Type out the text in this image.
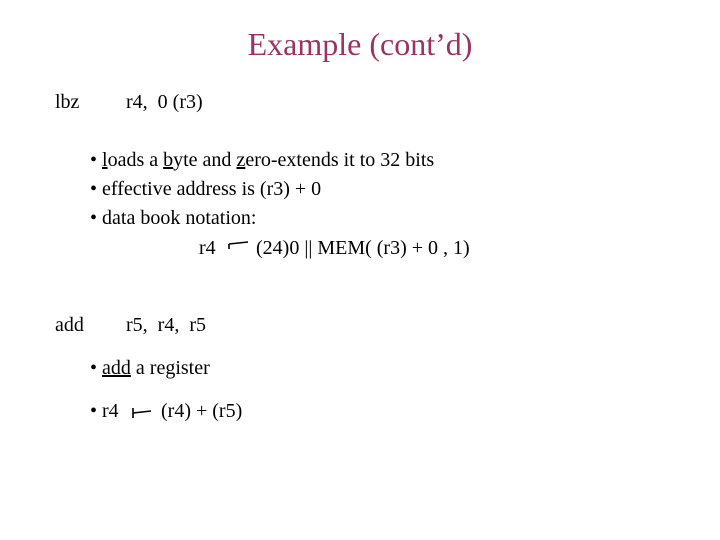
Example (cont’d)
lbz r4,  0 (r3)
• loads a byte and zero-extends it to 32 bits
• effective address is (r3) + 0
• data book notation:
r4 (24)0 || MEM( (r3) + 0 , 1)
add r5,  r4,  r5
• add a register
• r4 (r4) + (r5)
